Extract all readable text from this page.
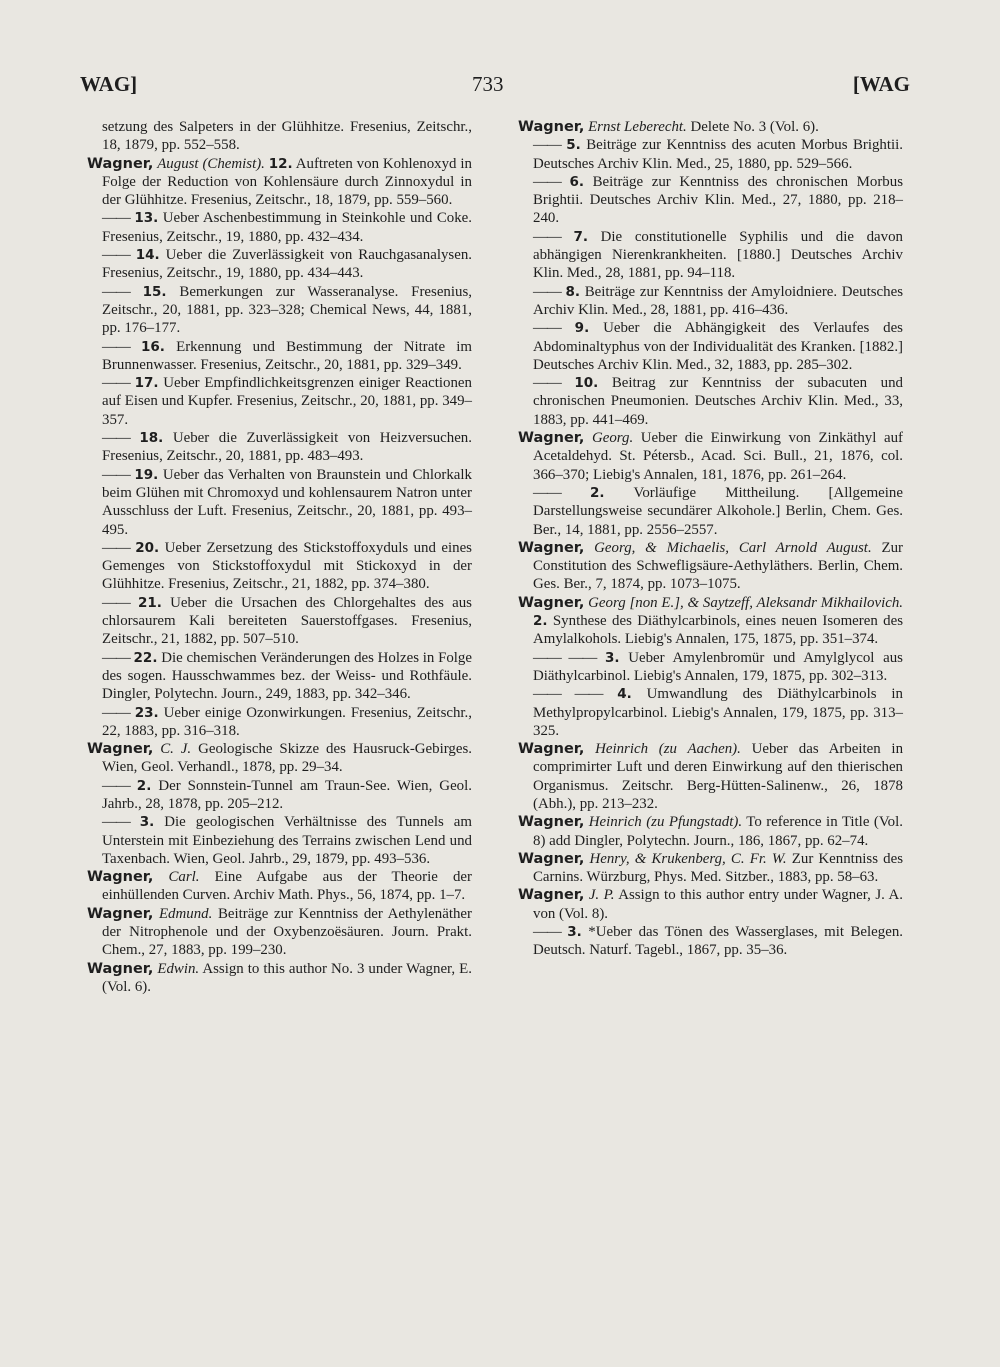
WAG]	733	[WAG

setzung des Salpeters in der Glühhitze. Fresenius, Zeitschr., 18, 1879, pp. 552–558.

Wagner, August (Chemist). 12. Auftreten von Kohlenoxyd in Folge der Reduction von Kohlensäure durch Zinnoxydul in der Glühhitze. Fresenius, Zeitschr., 18, 1879, pp. 559–560.

—— 13. Ueber Aschenbestimmung in Steinkohle und Coke. Fresenius, Zeitschr., 19, 1880, pp. 432–434.

—— 14. Ueber die Zuverlässigkeit von Rauchgasanalysen. Fresenius, Zeitschr., 19, 1880, pp. 434–443.

—— 15. Bemerkungen zur Wasseranalyse. Fresenius, Zeitschr., 20, 1881, pp. 323–328; Chemical News, 44, 1881, pp. 176–177.

—— 16. Erkennung und Bestimmung der Nitrate im Brunnenwasser. Fresenius, Zeitschr., 20, 1881, pp. 329–349.

—— 17. Ueber Empfindlichkeitsgrenzen einiger Reactionen auf Eisen und Kupfer. Fresenius, Zeitschr., 20, 1881, pp. 349–357.

—— 18. Ueber die Zuverlässigkeit von Heizversuchen. Fresenius, Zeitschr., 20, 1881, pp. 483–493.

—— 19. Ueber das Verhalten von Braunstein und Chlorkalk beim Glühen mit Chromoxyd und kohlensaurem Natron unter Ausschluss der Luft. Fresenius, Zeitschr., 20, 1881, pp. 493–495.

—— 20. Ueber Zersetzung des Stickstoffoxyduls und eines Gemenges von Stickstoffoxydul mit Stickoxyd in der Glühhitze. Fresenius, Zeitschr., 21, 1882, pp. 374–380.

—— 21. Ueber die Ursachen des Chlorgehaltes des aus chlorsaurem Kali bereiteten Sauerstoffgases. Fresenius, Zeitschr., 21, 1882, pp. 507–510.

—— 22. Die chemischen Veränderungen des Holzes in Folge des sogen. Hausschwammes bez. der Weiss- und Rothfäule. Dingler, Polytechn. Journ., 249, 1883, pp. 342–346.

—— 23. Ueber einige Ozonwirkungen. Fresenius, Zeitschr., 22, 1883, pp. 316–318.

Wagner, C. J. Geologische Skizze des Hausruck-Gebirges. Wien, Geol. Verhandl., 1878, pp. 29–34.

—— 2. Der Sonnstein-Tunnel am Traun-See. Wien, Geol. Jahrb., 28, 1878, pp. 205–212.

—— 3. Die geologischen Verhältnisse des Tunnels am Unterstein mit Einbeziehung des Terrains zwischen Lend und Taxenbach. Wien, Geol. Jahrb., 29, 1879, pp. 493–536.

Wagner, Carl. Eine Aufgabe aus der Theorie der einhüllenden Curven. Archiv Math. Phys., 56, 1874, pp. 1–7.

Wagner, Edmund. Beiträge zur Kenntniss der Aethylenäther der Nitrophenole und der Oxybenzoësäuren. Journ. Prakt. Chem., 27, 1883, pp. 199–230.

Wagner, Edwin. Assign to this author No. 3 under Wagner, E. (Vol. 6).

Wagner, Ernst Leberecht. Delete No. 3 (Vol. 6).

—— 5. Beiträge zur Kenntniss des acuten Morbus Brightii. Deutsches Archiv Klin. Med., 25, 1880, pp. 529–566.

—— 6. Beiträge zur Kenntniss des chronischen Morbus Brightii. Deutsches Archiv Klin. Med., 27, 1880, pp. 218–240.

—— 7. Die constitutionelle Syphilis und die davon abhängigen Nierenkrankheiten. [1880.] Deutsches Archiv Klin. Med., 28, 1881, pp. 94–118.

—— 8. Beiträge zur Kenntniss der Amyloidniere. Deutsches Archiv Klin. Med., 28, 1881, pp. 416–436.

—— 9. Ueber die Abhängigkeit des Verlaufes des Abdominaltyphus von der Individualität des Kranken. [1882.] Deutsches Archiv Klin. Med., 32, 1883, pp. 285–302.

—— 10. Beitrag zur Kenntniss der subacuten und chronischen Pneumonien. Deutsches Archiv Klin. Med., 33, 1883, pp. 441–469.

Wagner, Georg. Ueber die Einwirkung von Zinkäthyl auf Acetaldehyd. St. Pétersb., Acad. Sci. Bull., 21, 1876, col. 366–370; Liebig's Annalen, 181, 1876, pp. 261–264.

—— 2. Vorläufige Mittheilung. [Allgemeine Darstellungsweise secundärer Alkohole.] Berlin, Chem. Ges. Ber., 14, 1881, pp. 2556–2557.

Wagner, Georg, & Michaelis, Carl Arnold August. Zur Constitution des Schwefligsäure-Aethyläthers. Berlin, Chem. Ges. Ber., 7, 1874, pp. 1073–1075.

Wagner, Georg [non E.], & Saytzeff, Aleksandr Mikhailovich. 2. Synthese des Diäthylcarbinols, eines neuen Isomeren des Amylalkohols. Liebig's Annalen, 175, 1875, pp. 351–374.

—— —— 3. Ueber Amylenbromür und Amylglycol aus Diäthylcarbinol. Liebig's Annalen, 179, 1875, pp. 302–313.

—— —— 4. Umwandlung des Diäthylcarbinols in Methylpropylcarbinol. Liebig's Annalen, 179, 1875, pp. 313–325.

Wagner, Heinrich (zu Aachen). Ueber das Arbeiten in comprimirter Luft und deren Einwirkung auf den thierischen Organismus. Zeitschr. Berg-Hütten-Salinenw., 26, 1878 (Abh.), pp. 213–232.

Wagner, Heinrich (zu Pfungstadt). To reference in Title (Vol. 8) add Dingler, Polytechn. Journ., 186, 1867, pp. 62–74.

Wagner, Henry, & Krukenberg, C. Fr. W. Zur Kenntniss des Carnins. Würzburg, Phys. Med. Sitzber., 1883, pp. 58–63.

Wagner, J. P. Assign to this author entry under Wagner, J. A. von (Vol. 8).

—— 3. *Ueber das Tönen des Wasserglases, mit Belegen. Deutsch. Naturf. Tagebl., 1867, pp. 35–36.
